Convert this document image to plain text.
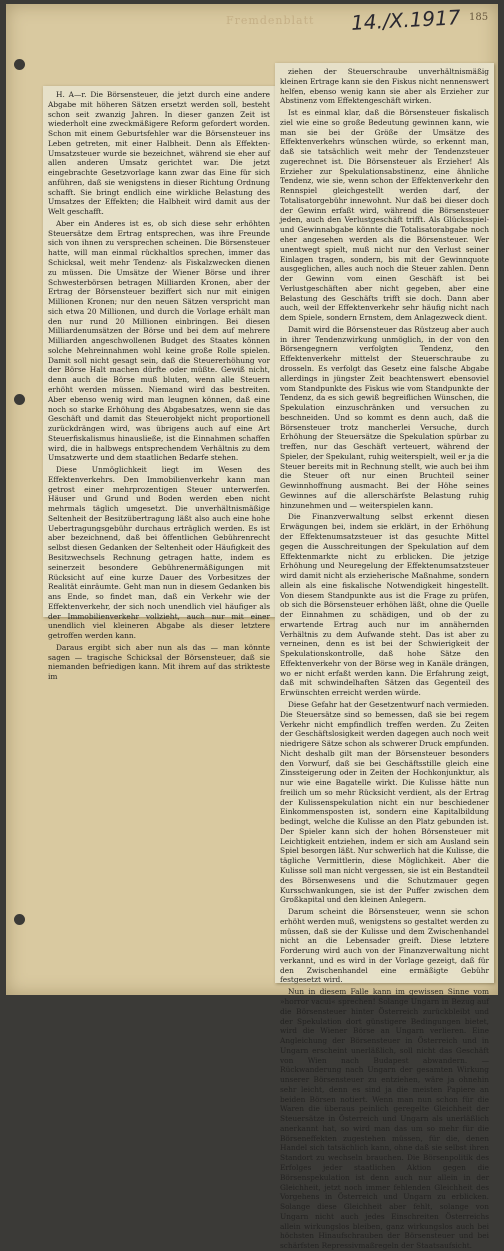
Fremdenblatt 14./X.1917 185

H. A—r. Die Börsensteuer, die jetzt durch eine andere Abgabe mit höheren Sätzen ersetzt werden soll, besteht schon seit zwanzig Jahren. In dieser ganzen Zeit ist wiederholt eine zweckmäßigere Reform gefordert worden. Schon mit einem Geburtsfehler war die Börsensteuer ins Leben getreten, mit einer Halbheit. Denn als Effekten-Umsatzsteuer wurde sie bezeichnet, während sie eher auf allen anderen Umsatz gerichtet war. Die jetzt eingebrachte Gesetzvorlage kann zwar das Eine für sich anführen, daß sie wenigstens in dieser Richtung Ordnung schafft. Sie bringt endlich eine wirkliche Belastung des Umsatzes der Effekten; die Halbheit wird damit aus der Welt geschafft.

Aber ein Anderes ist es, ob sich diese sehr erhöhten Steuersätze dem Ertrag entsprechen, was ihre Freunde sich von ihnen zu versprechen scheinen. Die Börsensteuer hatte, will man einmal rückhaltlos sprechen, immer das Schicksal, weit mehr Tendenz- als Fiskalzwecken dienen zu müssen. Die Umsätze der Wiener Börse und ihrer Schwesterbörsen betragen Milliarden Kronen, aber der Ertrag der Börsensteuer beziffert sich nur mit einigen Millionen Kronen; nur den neuen Sätzen verspricht man sich etwa 20 Millionen, und durch die Vorlage erhält man den nur rund 20 Millionen einbringen. Bei diesen Milliardenumsätzen der Börse und bei dem auf mehrere Milliarden angeschwollenen Budget des Staates können solche Mehreinnahmen wohl keine große Rolle spielen. Damit soll nicht gesagt sein, daß die Steuererhöhung vor der Börse Halt machen dürfte oder müßte. Gewiß nicht, denn auch die Börse muß bluten, wenn alle Steuern erhöht werden müssen. Niemand wird das bestreiten. Aber ebenso wenig wird man leugnen können, daß eine noch so starke Erhöhung des Abgabesatzes, wenn sie das Geschäft und damit das Steuerobjekt nicht proportionell zurückdrängen wird, was übrigens auch auf eine Art Steuerfiskalismus hinausließe, ist die Einnahmen schaffen wird, die in halbwegs entsprechendem Verhältnis zu dem Umsatzwerte und dem staatlichen Bedarfe stehen.

Diese Unmöglichkeit liegt im Wesen des Effektenverkehrs. Den Immobilienverkehr kann man getrost einer mehrprozentigen Steuer unterwerfen. Häuser und Grund und Boden werden eben nicht mehrmals täglich umgesetzt. Die unverhältnismäßige Seltenheit der Besitzübertragung läßt also auch eine hohe Uebertragungsgebühr durchaus erträglich werden. Es ist aber bezeichnend, daß bei öffentlichen Gebührenrecht selbst diesen Gedanken der Seltenheit oder Häufigkeit des Besitzwechsels Rechnung getragen hatte, indem es seinerzeit besondere Gebührenermäßigungen mit Rücksicht auf eine kurze Dauer des Vorbesitzes der Realität einräumte. Geht man nun in diesem Gedanken bis ans Ende, so findet man, daß ein Verkehr wie der Effektenverkehr, der sich noch unendlich viel häufiger als der Immobilienverkehr vollzieht, auch nur mit einer unendlich viel kleineren Abgabe als dieser letztere getroffen werden kann.

Daraus ergibt sich aber nun als das — man könnte sagen — tragische Schicksal der Börsensteuer, daß sie niemanden befriedigen kann. Mit ihrem auf das strikteste im

ziehen der Steuerschraube unverhältnismäßig kleinen Ertrage kann sie den Fiskus nicht nennenswert helfen, ebenso wenig kann sie aber als Erzieher zur Abstinenz vom Effektengeschäft wirken.

Ist es einmal klar, daß die Börsensteuer fiskalisch ziel wie eine so große Bedeutung gewinnen kann, wie man sie bei der Größe der Umsätze des Effektenverkehrs wünschen würde, so erkennt man, daß sie tatsächlich weit mehr der Tendenzsteuer zugerechnet ist. Die Börsensteuer als Erzieher! Als Erzieher zur Spekulationsabstinenz, eine ähnliche Tendenz, wie sie, wenn schon der Effektenverkehr den Rennspiel gleichgestellt werden darf, der Totalisatorgebühr innewohnt. Nur daß bei dieser doch der Gewinn erfaßt wird, während die Börsensteuer jeden, auch den Verlustgeschäft trifft. Als Glücksspiel- und Gewinnabgabe könnte die Totalisatorabgabe noch eher angesehen werden als die Börsensteuer. Wer unentwegt spielt, muß nicht nur den Verlust seiner Einlagen tragen, sondern, bis mit der Gewinnquote ausgeglichen, alles auch noch die Steuer zahlen. Denn der Gewinn vom einen Geschäft ist bei Verlustgeschäften aber nicht gegeben, aber eine Belastung des Geschäfts trifft sie doch. Dann aber auch, weil der Effektenverkehr sehr häufig nicht nach dem Spiele, sondern Ernstem, dem Anlagezweck dient.

Damit wird die Börsensteuer das Rüstzeug aber auch in ihrer Tendenzwirkung unmöglich, in der von den Börsengegnern verfolgten Tendenz, den Effektenverkehr mittelst der Steuerschraube zu drosseln. Es verfolgt das Gesetz eine falsche Abgabe allerdings in jüngster Zeit beachtenswert ebensoviel vom Standpunkte des Fiskus wie vom Standpunkte der Tendenz, da es sich gewiß begreiflichen Wünschen, die Spekulation einzuschränken und versuchen zu beschneiden. Und so kommt es denn auch, daß die Börsensteuer trotz mancherlei Versuche, durch Erhöhung der Steuersätze die Spekulation spürbar zu treffen, nur das Geschäft verteuert, während der Spieler, der Spekulant, ruhig weiterspielt, weil er ja die Steuer bereits mit in Rechnung stellt, wie auch bei ihm die Steuer oft nur einen Bruchteil seiner Gewinnhoffnung ausmacht. Bei der Höhe seines Gewinnes auf die allerschärfste Belastung ruhig hinzunehmen und — weiterspielen kann.

Die Finanzverwaltung selbst erkennt diesen Erwägungen bei, indem sie erklärt, in der Erhöhung der Effektenumsatzsteuer ist das gesuchte Mittel gegen die Ausschreitungen der Spekulation auf dem Effektenmarkte nicht zu erblicken. Die jetzige Erhöhung und Neuregelung der Effektenumsatzsteuer wird damit nicht als erzieherische Maßnahme, sondern allein als eine fiskalische Notwendigkeit hingestellt. Von diesem Standpunkte aus ist die Frage zu prüfen, ob sich die Börsensteuer erhöhen läßt, ohne die Quelle der Einnahmen zu schädigen, und ob der zu erwartende Ertrag auch nur im annähernden Verhältnis zu dem Aufwande steht. Das ist aber zu verneinen, denn es ist bei der Schwierigkeit der Spekulationskontrolle, daß hohe Sätze den Effektenverkehr von der Börse weg in Kanäle drängen, wo er nicht erfaßt werden kann. Die Erfahrung zeigt, daß mit schwindelhaften Sätzen das Gegenteil des Erwünschten erreicht werden würde.

Diese Gefahr hat der Gesetzentwurf nach vermieden. Die Steuersätze sind so bemessen, daß sie bei regem Verkehr nicht empfindlich treffen werden. Zu Zeiten der Geschäftslosigkeit werden dagegen auch noch weit niedrigere Sätze schon als schwerer Druck empfunden. Nicht deshalb gilt man der Börsensteuer besonders den Vorwurf, daß sie bei Geschäftsstille gleich eine Zinssteigerung oder in Zeiten der Hochkonjunktur, als nur wie eine Bagatelle wirkt. Die Kulisse hätte nun freilich um so mehr Rücksicht verdient, als der Ertrag der Kulissenspekulation nicht ein nur beschiedener Einkommensposten ist, sondern eine Kapitalbildung bedingt, welche die Kulisse an den Platz gebunden ist. Der Spieler kann sich der hohen Börsensteuer mit Leichtigkeit entziehen, indem er sich am Ausland sein Spiel besorgen läßt. Nur schwerlich hat die Kulisse, die tägliche Vermittlerin, diese Möglichkeit. Aber die Kulisse soll man nicht vergessen, sie ist ein Bestandteil des Börsenwesens und die Schutzmauer gegen Kursschwankungen, sie ist der Puffer zwischen dem Großkapital und den kleinen Anlegern.

Darum scheint die Börsensteuer, wenn sie schon erhöht werden muß, wenigstens so gestaltet werden zu müssen, daß sie der Kulisse und dem Zwischenhandel nicht an die Lebensader greift. Diese letztere Forderung wird auch von der Finanzverwaltung nicht verkannt, und es wird in der Vorlage gezeigt, daß für den Zwischenhandel eine ermäßigte Gebühr festgesetzt wird.

Nun in diesem Falle kann im gewissen Sinne vom »horror vacui« sprechen! Solange Ungarn in Bezug auf die Börsensteuer hinter Österreich zurückbleibt und der Spekulation dort günstigere Bedingungen bietet, wird die Wiener Börse an Ungarn verlieren. Eine Angleichung der Börsensteuer in Österreich und in Ungarn erscheint unerläßlich, soll nicht das Geschäft von Wien nach Budapest abwandern. — Rückwanderung nach Ungarn der gesamten Wirkung unserer Börsensteuer zu entziehen, wäre ja ohnehin sehr leicht, denn es sind ja die meisten Papiere an beiden Börsen notiert. Wenn man nun schon für die Waren die überaus peinlich geregelte Gleichheit der Steuersätze in Österreich und Ungarn als unerläßlich anerkannt hat, so wird man das um so mehr für die Börseneffekten zugestehen müssen, für die, denen Handel sich tatsächlich kann, ohne daß sie selbst ihren Standort zu wechseln brauchen. Die Börsenpolitik des Erfolges jeder staatlichen Aktion gegen die Börsenspekulation ist denn auch nur allein in der Gleichheit, jetzt noch immer fehlenden Gleichheit des Vorgehens in Österreich und Ungarn zu erblicken. Solange diese Gleichheit aber fehlt, solange von Ungarn nicht auch jedes Einschreiten Österreichs allein wirkungslos bleiben, ganz wirkungslos auch bei höchsten Hinaufschrauben der Börsensteuer und bei schärfsten Repressivmaßregeln der Staatsaufsicht.
